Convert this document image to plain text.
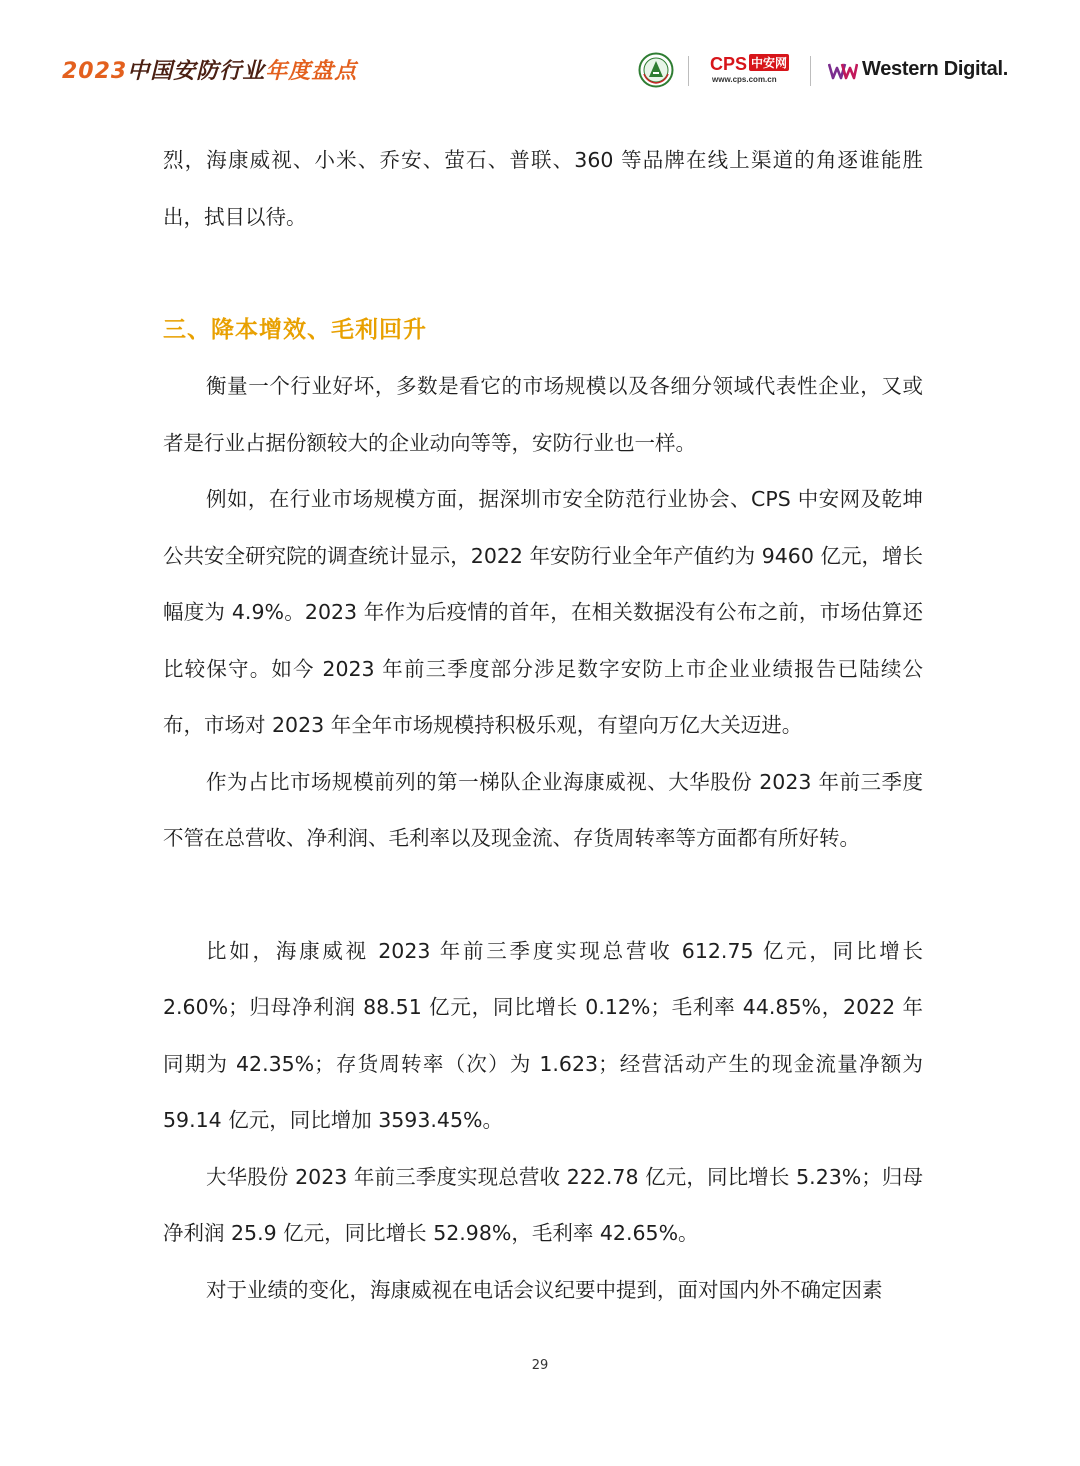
2023中国安防行业年度盘点	CPS 中安网
www.cps.com.cn	Western Digital.

烈，海康威视、小米、乔安、萤石、普联、360 等品牌在线上渠道的角逐谁能胜出，拭目以待。

三、降本增效、毛利回升

衡量一个行业好坏，多数是看它的市场规模以及各细分领域代表性企业，又或者是行业占据份额较大的企业动向等等，安防行业也一样。

例如，在行业市场规模方面，据深圳市安全防范行业协会、CPS 中安网及乾坤公共安全研究院的调查统计显示，2022 年安防行业全年产值约为 9460 亿元，增长幅度为 4.9%。2023 年作为后疫情的首年，在相关数据没有公布之前，市场估算还比较保守。如今 2023 年前三季度部分涉足数字安防上市企业业绩报告已陆续公布，市场对 2023 年全年市场规模持积极乐观，有望向万亿大关迈进。

作为占比市场规模前列的第一梯队企业海康威视、大华股份 2023 年前三季度不管在总营收、净利润、毛利率以及现金流、存货周转率等方面都有所好转。

比如，海康威视 2023 年前三季度实现总营收 612.75 亿元，同比增长 2.60%；归母净利润 88.51 亿元，同比增长 0.12%；毛利率 44.85%，2022 年同期为 42.35%；存货周转率（次）为 1.623；经营活动产生的现金流量净额为 59.14 亿元，同比增加 3593.45%。

大华股份 2023 年前三季度实现总营收 222.78 亿元，同比增长 5.23%；归母净利润 25.9 亿元，同比增长 52.98%，毛利率 42.65%。

对于业绩的变化，海康威视在电话会议纪要中提到，面对国内外不确定因素

29
